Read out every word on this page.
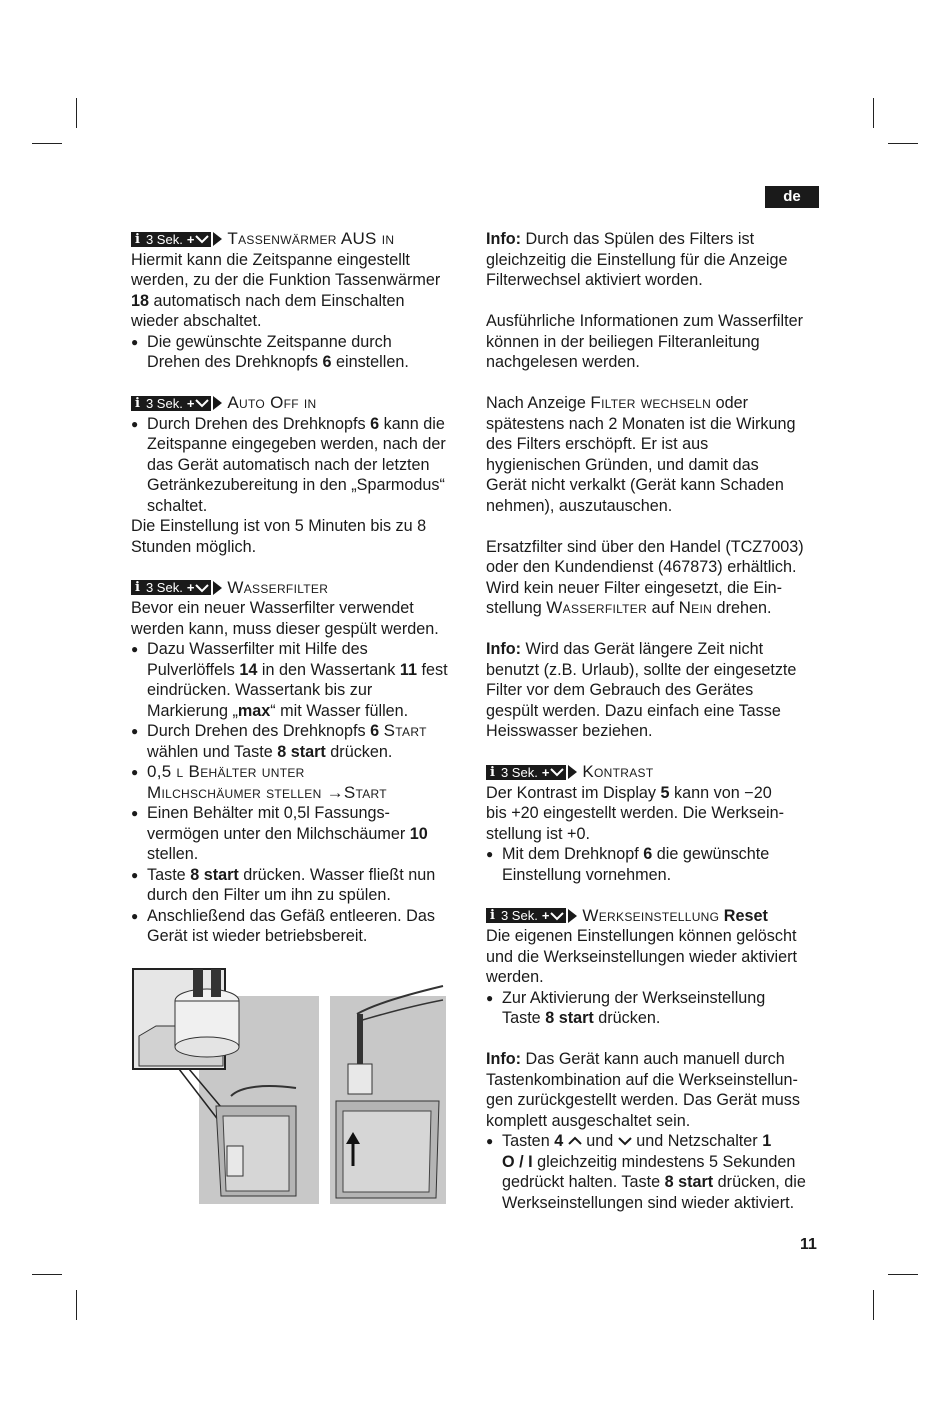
de
i 3 Sek. + Tassenwärmer AUS in

Hiermit kann die Zeitspanne eingestellt

werden, zu der die Funktion Tassenwärmer

18 automatisch nach dem Einschalten

wieder abschaltet.

● Die gewünschte Zeitspanne durch
Drehen des Drehknopfs 6 einstellen.
i 3 Sek. + Auto Off in
● Durch Drehen des Drehknopfs 6 kann die
Zeitspanne eingegeben werden, nach der
das Gerät automatisch nach der letzten
Getränkezubereitung in den „Sparmodus“
schaltet.

Die Einstellung ist von 5 Minuten bis zu 8

Stunden möglich.

i 3 Sek. + Wasserfilter

Bevor ein neuer Wasserfilter verwendet

werden kann, muss dieser gespült werden.

● Dazu Wasserfilter mit Hilfe des
Pulverlöffels 14 in den Wassertank 11 fest
eindrücken. Wassertank bis zur
Markierung „max“ mit Wasser füllen.
● Durch Drehen des Drehknopfs 6 Start
wählen und Taste 8 start drücken.
● 0,5 l Behälter unter
Milchschäumer stellen →Start
● Einen Behälter mit 0,5l Fassungs-
vermögen unter den Milchschäumer 10
stellen.
● Taste 8 start drücken. Wasser fließt nun
durch den Filter um ihn zu spülen.
● Anschließend das Gefäß entleeren. Das
Gerät ist wieder betriebsbereit.

Info: Durch das Spülen des Filters ist

gleichzeitig die Einstellung für die Anzeige

Filterwechsel aktiviert worden.

Ausführliche Informationen zum Wasserfilter

können in der beiliegen Filteranleitung

nachgelesen werden.

Nach Anzeige Filter wechseln oder

spätestens nach 2 Monaten ist die Wirkung

des Filters erschöpft. Er ist aus

hygienischen Gründen, und damit das

Gerät nicht verkalkt (Gerät kann Schaden

nehmen), auszutauschen.

Ersatzfilter sind über den Handel (TCZ7003)

oder den Kundendienst (467873) erhältlich.

Wird kein neuer Filter eingesetzt, die Ein-

stellung Wasserfilter auf Nein drehen.

Info: Wird das Gerät längere Zeit nicht

benutzt (z.B. Urlaub), sollte der eingesetzte

Filter vor dem Gebrauch des Gerätes

gespült werden. Dazu einfach eine Tasse

Heisswasser beziehen.

i 3 Sek. + Kontrast

Der Kontrast im Display 5 kann von −20

bis +20 eingestellt werden. Die Werksein-

stellung ist +0.

● Mit dem Drehknopf 6 die gewünschte
Einstellung vornehmen.
i 3 Sek. + Werkseinstellung
Reset

Die eigenen Einstellungen können gelöscht

und die Werkseinstellungen wieder aktiviert

werden.

● Zur Aktivierung der Werkseinstellung
Taste 8 start drücken.

Info: Das Gerät kann auch manuell durch

Tastenkombination auf die Werkseinstellun-

gen zurückgestellt werden. Das Gerät muss

komplett ausgeschaltet sein.

● Tasten 4  und  und Netzschalter 1
O / I gleichzeitig mindestens 5 Sekunden
gedrückt halten. Taste 8 start drücken, die
Werkseinstellungen sind wieder aktiviert.
11
